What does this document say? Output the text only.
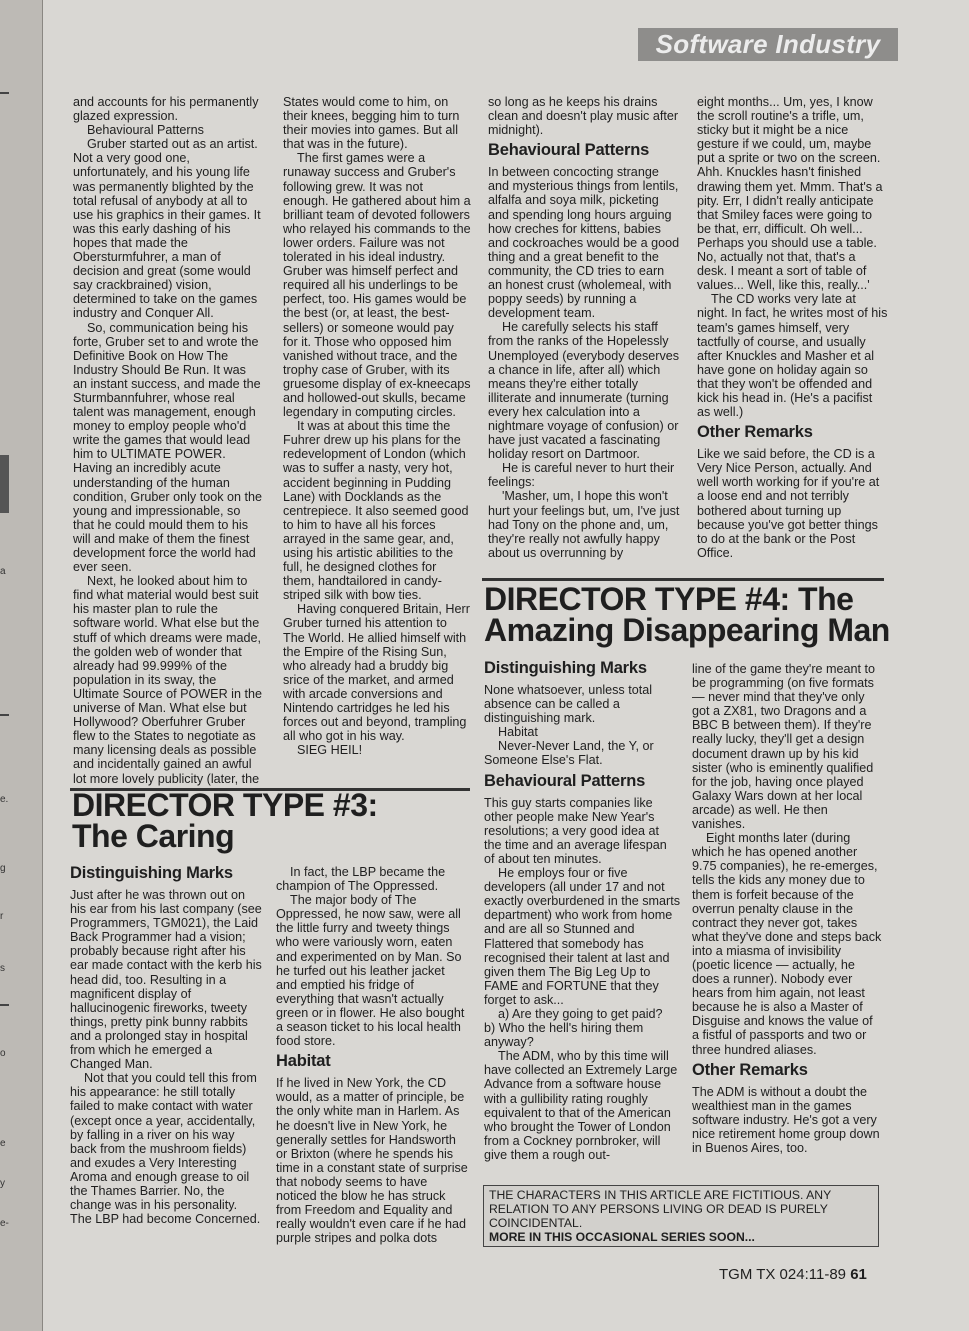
a
e.
g
r
s
o
e
y
e-
Software Industry

and accounts for his permanently glazed expression.

Behavioural Patterns

Gruber started out as an artist. Not a very good one, unfortunately, and his young life was permanently blighted by the total refusal of anybody at all to use his graphics in their games. It was this early dashing of his hopes that made the Obersturmfuhrer, a man of decision and great (some would say crackbrained) vision, determined to take on the games industry and Conquer All.

So, communication being his forte, Gruber set to and wrote the Definitive Book on How The Industry Should Be Run. It was an instant success, and made the Sturmbannfuhrer, whose real talent was management, enough money to employ people who'd write the games that would lead him to ULTIMATE POWER. Having an incredibly acute understanding of the human condition, Gruber only took on the young and impressionable, so that he could mould them to his will and make of them the finest development force the world had ever seen.

Next, he looked about him to find what material would best suit his master plan to rule the software world. What else but the stuff of which dreams were made, the golden web of wonder that already had 99.999% of the population in its sway, the Ultimate Source of POWER in the universe of Man. What else but Hollywood? Oberfuhrer Gruber flew to the States to negotiate as many licensing deals as possible and incidentally gained an awful lot more lovely publicity (later, the

States would come to him, on their knees, begging him to turn their movies into games. But all that was in the future).

The first games were a runaway success and Gruber's following grew. It was not enough. He gathered about him a brilliant team of devoted followers who relayed his commands to the lower orders. Failure was not tolerated in his ideal industry. Gruber was himself perfect and required all his underlings to be perfect, too. His games would be the best (or, at least, the best-sellers) or someone would pay for it. Those who opposed him vanished without trace, and the trophy case of Gruber, with its gruesome display of ex-kneecaps and hollowed-out skulls, became legendary in computing circles.

It was at about this time the Fuhrer drew up his plans for the redevelopment of London (which was to suffer a nasty, very hot, accident beginning in Pudding Lane) with Docklands as the centrepiece. It also seemed good to him to have all his forces arrayed in the same gear, and, using his artistic abilities to the full, he designed clothes for them, handtailored in candy-striped silk with bow ties.

Having conquered Britain, Herr Gruber turned his attention to The World. He allied himself with the Empire of the Rising Sun, who already had a bruddy big srice of the market, and armed with arcade conversions and Nintendo cartridges he led his forces out and beyond, trampling all who got in his way.

SIEG HEIL!

so long as he keeps his drains clean and doesn't play music after midnight).

Behavioural Patterns

In between concocting strange and mysterious things from lentils, alfalfa and soya milk, picketing and spending long hours arguing how creches for kittens, babies and cockroaches would be a good thing and a great benefit to the community, the CD tries to earn an honest crust (wholemeal, with poppy seeds) by running a development team.

He carefully selects his staff from the ranks of the Hopelessly Unemployed (everybody deserves a chance in life, after all) which means they're either totally illiterate and innumerate (turning every hex calculation into a nightmare voyage of confusion) or have just vacated a fascinating holiday resort on Dartmoor.

He is careful never to hurt their feelings:

'Masher, um, I hope this won't hurt your feelings but, um, I've just had Tony on the phone and, um, they're really not awfully happy about us overrunning by

eight months... Um, yes, I know the scroll routine's a trifle, um, sticky but it might be a nice gesture if we could, um, maybe put a sprite or two on the screen. Ahh. Knuckles hasn't finished drawing them yet. Mmm. That's a pity. Err, I didn't really anticipate that Smiley faces were going to be that, err, difficult. Oh well... Perhaps you should use a table. No, actually not that, that's a desk. I meant a sort of table of values... Well, like this, really...'

The CD works very late at night. In fact, he writes most of his team's games himself, very tactfully of course, and usually after Knuckles and Masher et al have gone on holiday again so that they won't be offended and kick his head in. (He's a pacifist as well.)

Other Remarks

Like we said before, the CD is a Very Nice Person, actually. And well worth working for if you're at a loose end and not terribly bothered about turning up because you've got better things to do at the bank or the Post Office.

DIRECTOR TYPE #4: The
Amazing Disappearing Man
Distinguishing Marks

None whatsoever, unless total absence can be called a distinguishing mark.

Habitat

Never-Never Land, the Y, or Someone Else's Flat.

Behavioural Patterns

This guy starts companies like other people make New Year's resolutions; a very good idea at the time and an average lifespan of about ten minutes.

He employs four or five developers (all under 17 and not exactly overburdened in the smarts department) who work from home and are all so Stunned and Flattered that somebody has recognised their talent at last and given them The Big Leg Up to FAME and FORTUNE that they forget to ask...

a) Are they going to get paid?

b) Who the hell's hiring them anyway?

The ADM, who by this time will have collected an Extremely Large Advance from a software house with a gullibility rating roughly equivalent to that of the American who brought the Tower of London from a Cockney pornbroker, will give them a rough out-

line of the game they're meant to be programming (on five formats — never mind that they've only got a ZX81, two Dragons and a BBC B between them). If they're really lucky, they'll get a design document drawn up by his kid sister (who is eminently qualified for the job, having once played Galaxy Wars down at her local arcade) as well. He then vanishes.

Eight months later (during which he has opened another 9.75 companies), he re-emerges, tells the kids any money due to them is forfeit because of the overrun penalty clause in the contract they never got, takes what they've done and steps back into a miasma of invisibility (poetic licence — actually, he does a runner). Nobody ever hears from him again, not least because he is also a Master of Disguise and knows the value of a fistful of passports and two or three hundred aliases.

Other Remarks

The ADM is without a doubt the wealthiest man in the games software industry. He's got a very nice retirement home group down in Buenos Aires, too.

DIRECTOR TYPE #3:
The Caring
Distinguishing Marks

Just after he was thrown out on his ear from his last company (see Programmers, TGM021), the Laid Back Programmer had a vision; probably because right after his ear made contact with the kerb his head did, too. Resulting in a magnificent display of hallucinogenic fireworks, tweety things, pretty pink bunny rabbits and a prolonged stay in hospital from which he emerged a Changed Man.

Not that you could tell this from his appearance: he still totally failed to make contact with water (except once a year, accidentally, by falling in a river on his way back from the mushroom fields) and exudes a Very Interesting Aroma and enough grease to oil the Thames Barrier. No, the change was in his personality. The LBP had become Concerned.

In fact, the LBP became the champion of The Oppressed.

The major body of The Oppressed, he now saw, were all the little furry and tweety things who were variously worn, eaten and experimented on by Man. So he turfed out his leather jacket and emptied his fridge of everything that wasn't actually green or in flower. He also bought a season ticket to his local health food store.

Habitat

If he lived in New York, the CD would, as a matter of principle, be the only white man in Harlem. As he doesn't live in New York, he generally settles for Handsworth or Brixton (where he spends his time in a constant state of surprise that nobody seems to have noticed the blow he has struck from Freedom and Equality and really wouldn't even care if he had purple stripes and polka dots

THE CHARACTERS IN THIS ARTICLE ARE FICTITIOUS. ANY RELATION TO ANY PERSONS LIVING OR DEAD IS PURELY COINCIDENTAL.
MORE IN THIS OCCASIONAL SERIES SOON...
TGM TX 024:11-89 61
